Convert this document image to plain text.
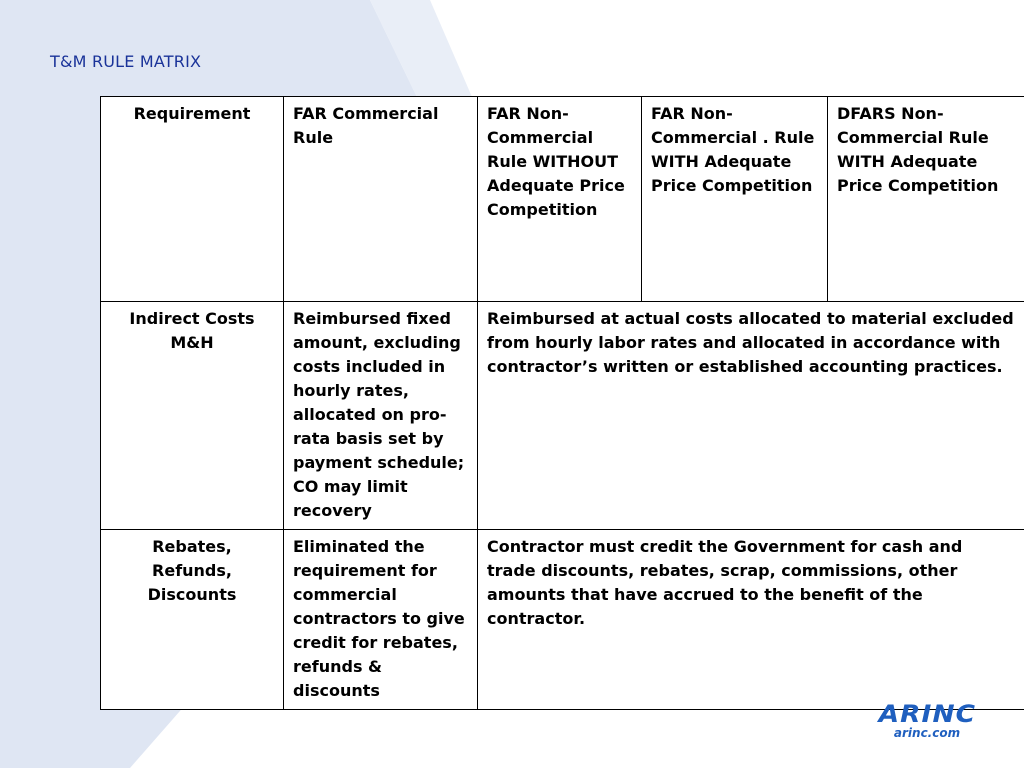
T&M RULE MATRIX
Requirement	FAR Commercial Rule	FAR Non-Commercial Rule WITHOUT Adequate Price Competition	FAR Non-Commercial . Rule WITH Adequate Price Competition	DFARS Non-Commercial Rule WITH Adequate Price Competition
Indirect Costs M&H	Reimbursed fixed amount, excluding costs included in hourly rates, allocated on pro-rata basis set by payment schedule; CO may limit recovery	Reimbursed at actual costs allocated to material excluded from hourly labor rates and allocated in accordance with contractor’s written or established accounting practices.		
Rebates, Refunds, Discounts	Eliminated the requirement for commercial contractors to give credit for rebates, refunds & discounts	Contractor must credit the Government for cash and trade discounts, rebates, scrap, commissions, other amounts that have accrued to the benefit of the contractor.		
ARINC
arinc.com
